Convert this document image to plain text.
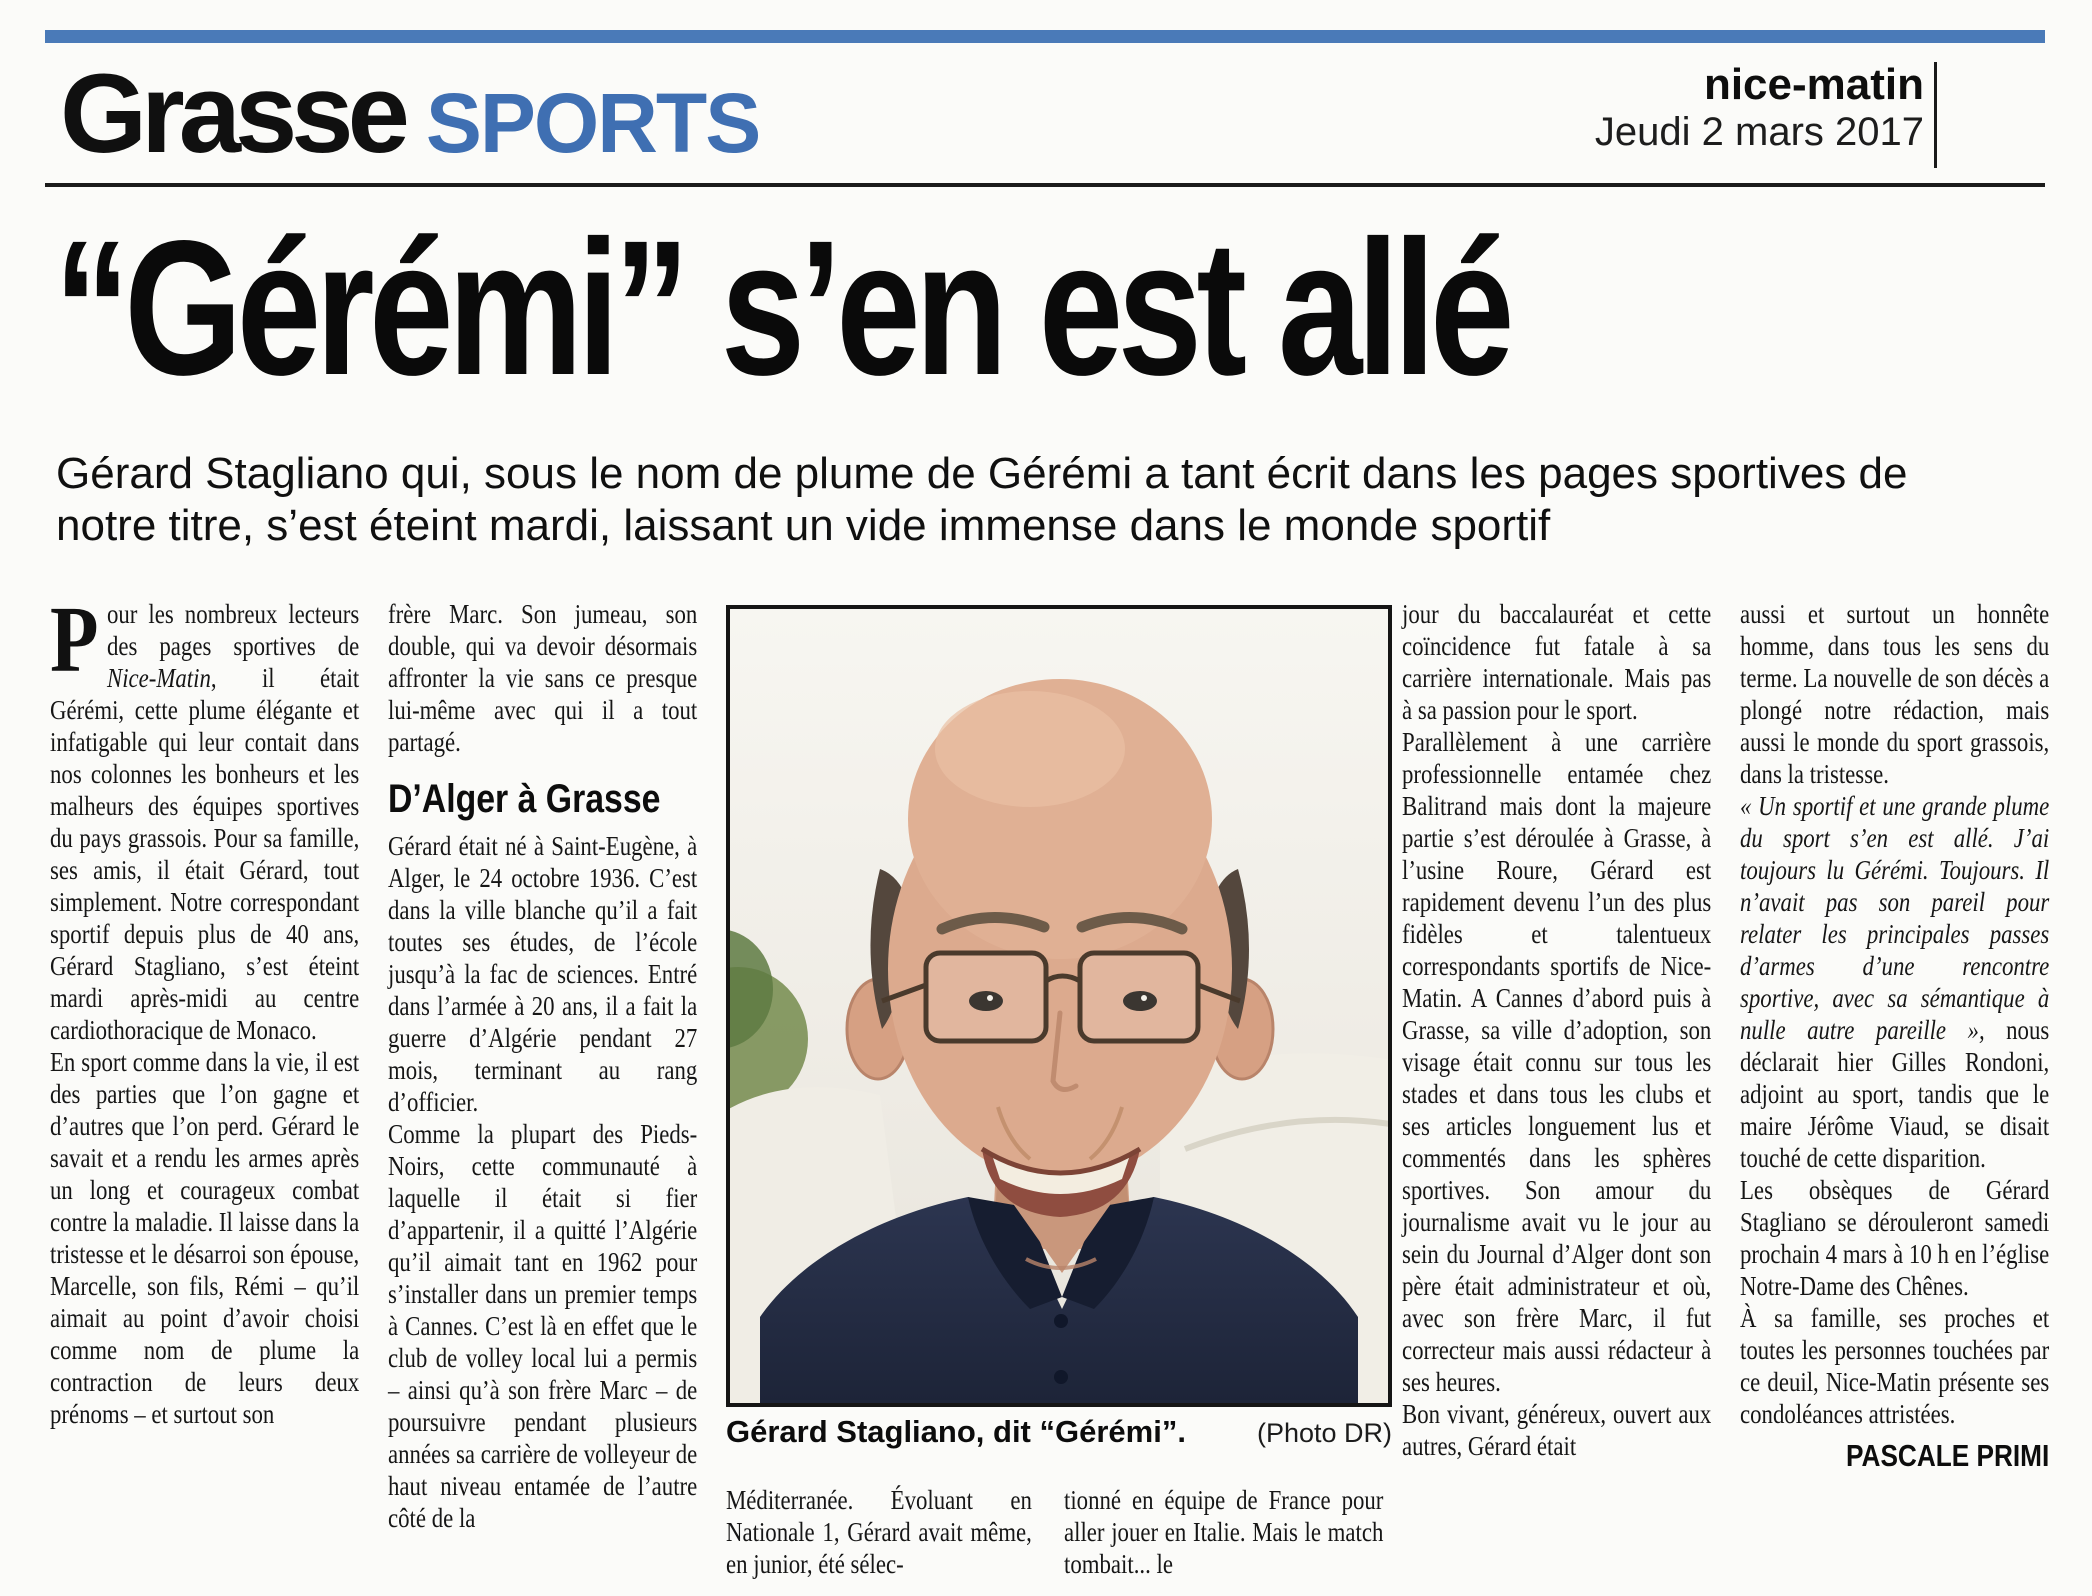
Grasse SPORTS	nice-matin
Jeudi 2 mars 2017
“Gérémi” s’en est allé
Gérard Stagliano qui, sous le nom de plume de Gérémi a tant écrit dans les pages sportives de notre titre, s’est éteint mardi, laissant un vide immense dans le monde sportif

Pour les nombreux lecteurs des pages sportives de Nice-Matin, il était Gérémi, cette plume élégante et infatigable qui leur contait dans nos colonnes les bonheurs et les malheurs des équipes sportives du pays grassois. Pour sa famille, ses amis, il était Gérard, tout simplement. Notre correspondant sportif depuis plus de 40 ans, Gérard Stagliano, s’est éteint mardi après-midi au centre cardiothoracique de Monaco.

En sport comme dans la vie, il est des parties que l’on gagne et d’autres que l’on perd. Gérard le savait et a rendu les armes après un long et courageux combat contre la maladie. Il laisse dans la tristesse et le désarroi son épouse, Marcelle, son fils, Rémi – qu’il aimait au point d’avoir choisi comme nom de plume la contraction de leurs deux prénoms – et surtout son

frère Marc. Son jumeau, son double, qui va devoir désormais affronter la vie sans ce presque lui-même avec qui il a tout partagé.

D’Alger à Grasse

Gérard était né à Saint-Eugène, à Alger, le 24 octobre 1936. C’est dans la ville blanche qu’il a fait toutes ses études, de l’école jusqu’à la fac de sciences. Entré dans l’armée à 20 ans, il a fait la guerre d’Algérie pendant 27 mois, terminant au rang d’officier.

Comme la plupart des Pieds-Noirs, cette communauté à laquelle il était si fier d’appartenir, il a quitté l’Algérie qu’il aimait tant en 1962 pour s’installer dans un premier temps à Cannes. C’est là en effet que le club de volley local lui a permis – ainsi qu’à son frère Marc – de poursuivre pendant plusieurs années sa carrière de volleyeur de haut niveau entamée de l’autre côté de la

Gérard Stagliano, dit “Gérémi”.	(Photo DR)
Méditerranée. Évoluant en Nationale 1, Gérard avait même, en junior, été sélec-
tionné en équipe de France pour aller jouer en Italie. Mais le match tombait... le

jour du baccalauréat et cette coïncidence fut fatale à sa carrière internationale. Mais pas à sa passion pour le sport.

Parallèlement à une carrière professionnelle entamée chez Balitrand mais dont la majeure partie s’est déroulée à Grasse, à l’usine Roure, Gérard est rapidement devenu l’un des plus fidèles et talentueux correspondants sportifs de Nice-Matin. A Cannes d’abord puis à Grasse, sa ville d’adoption, son visage était connu sur tous les stades et dans tous les clubs et ses articles longuement lus et commentés dans les sphères sportives. Son amour du journalisme avait vu le jour au sein du Journal d’Alger dont son père était administrateur et où, avec son frère Marc, il fut correcteur mais aussi rédacteur à ses heures.

Bon vivant, généreux, ouvert aux autres, Gérard était

aussi et surtout un honnête homme, dans tous les sens du terme. La nouvelle de son décès a plongé notre rédaction, mais aussi le monde du sport grassois, dans la tristesse.

« Un sportif et une grande plume du sport s’en est allé. J’ai toujours lu Gérémi. Toujours. Il n’avait pas son pareil pour relater les principales passes d’armes d’une rencontre sportive, avec sa sémantique à nulle autre pareille », nous déclarait hier Gilles Rondoni, adjoint au sport, tandis que le maire Jérôme Viaud, se disait touché de cette disparition.

Les obsèques de Gérard Stagliano se dérouleront samedi prochain 4 mars à 10 h en l’église Notre-Dame des Chênes.

À sa famille, ses proches et toutes les personnes touchées par ce deuil, Nice-Matin présente ses condoléances attristées.

PASCALE PRIMI
